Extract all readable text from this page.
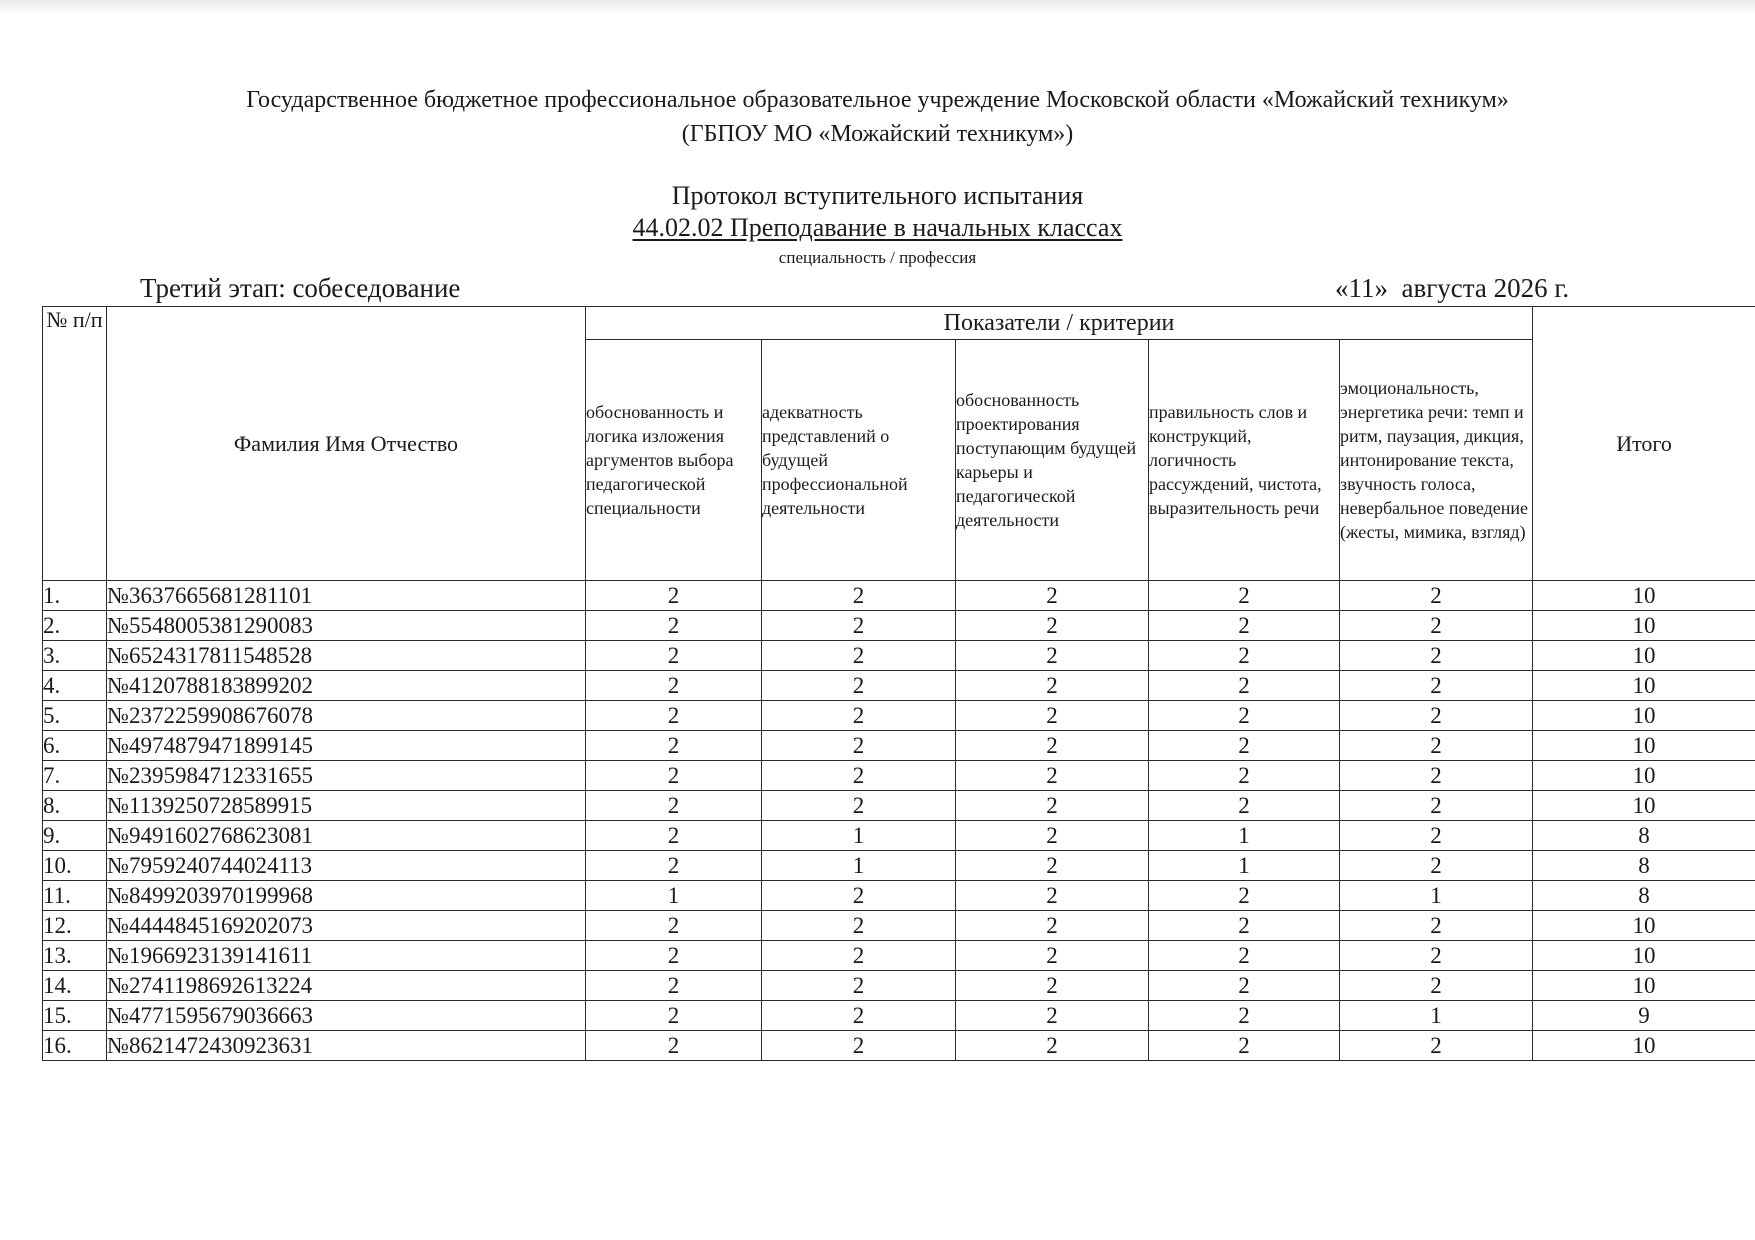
Государственное бюджетное профессиональное образовательное учреждение Московской области «Можайский техникум»
(ГБПОУ МО «Можайский техникум»)
Протокол вступительного испытания
44.02.02 Преподавание в начальных классах
специальность / профессия
Третий этап: собеседование	«11»  августа 2026 г.
№ п/п	Фамилия Имя Отчество	Показатели / критерии					Итого
		обоснованность и логика изложения аргументов выбора педагогической специальности	адекватность представлений о будущей профессиональной деятельности	обоснованность проектирования поступающим будущей карьеры и педагогической деятельности	правильность слов и конструкций, логичность рассуждений, чистота, выразительность речи	эмоциональность, энергетика речи: темп и ритм, паузация, дикция, интонирование текста, звучность голоса, невербальное поведение (жесты, мимика, взгляд)	
1.	№3637665681281101	2	2	2	2	2	10
2.	№5548005381290083	2	2	2	2	2	10
3.	№6524317811548528	2	2	2	2	2	10
4.	№4120788183899202	2	2	2	2	2	10
5.	№2372259908676078	2	2	2	2	2	10
6.	№4974879471899145	2	2	2	2	2	10
7.	№2395984712331655	2	2	2	2	2	10
8.	№1139250728589915	2	2	2	2	2	10
9.	№9491602768623081	2	1	2	1	2	8
10.	№7959240744024113	2	1	2	1	2	8
11.	№8499203970199968	1	2	2	2	1	8
12.	№4444845169202073	2	2	2	2	2	10
13.	№1966923139141611	2	2	2	2	2	10
14.	№2741198692613224	2	2	2	2	2	10
15.	№4771595679036663	2	2	2	2	1	9
16.	№8621472430923631	2	2	2	2	2	10
